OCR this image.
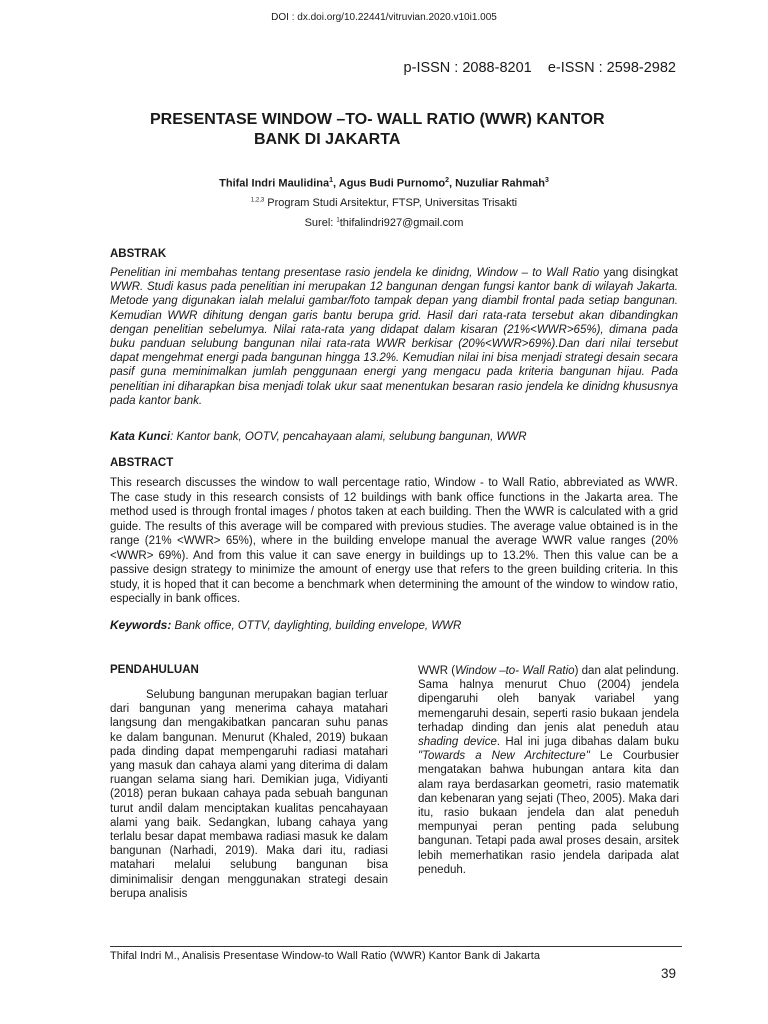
DOI : dx.doi.org/10.22441/vitruvian.2020.v10i1.005
p-ISSN : 2088-8201    e-ISSN : 2598-2982
PRESENTASE WINDOW –TO- WALL RATIO (WWR) KANTOR
BANK DI JAKARTA
Thifal Indri Maulidina$^1$, Agus Budi Purnomo$^2$, Nuzuliar Rahmah$^3$
$^{1,2,3}$ Program Studi Arsitektur, FTSP, Universitas Trisakti
Surel: $^1$thifalindri927@gmail.com
ABSTRAK
Penelitian ini membahas tentang presentase rasio jendela ke dinidng, Window – to Wall Ratio yang disingkat WWR. Studi kasus pada penelitian ini merupakan 12 bangunan dengan fungsi kantor bank di wilayah Jakarta. Metode yang digunakan ialah melalui gambar/foto tampak depan yang diambil frontal pada setiap bangunan. Kemudian WWR dihitung dengan garis bantu berupa grid. Hasil dari rata-rata tersebut akan dibandingkan dengan penelitian sebelumya. Nilai rata-rata yang didapat dalam kisaran (21%<WWR>65%), dimana pada buku panduan selubung bangunan nilai rata-rata WWR berkisar (20%<WWR>69%).Dan dari nilai tersebut dapat mengehmat energi pada bangunan hingga 13.2%. Kemudian nilai ini bisa menjadi strategi desain secara pasif guna meminimalkan jumlah penggunaan energi yang mengacu pada kriteria bangunan hijau. Pada penelitian ini diharapkan bisa menjadi tolak ukur saat menentukan besaran rasio jendela ke dinidng khususnya pada kantor bank.
Kata Kunci: Kantor bank, OOTV, pencahayaan alami, selubung bangunan, WWR
ABSTRACT
This research discusses the window to wall percentage ratio, Window - to Wall Ratio, abbreviated as WWR. The case study in this research consists of 12 buildings with bank office functions in the Jakarta area. The method used is through frontal images / photos taken at each building. Then the WWR is calculated with a grid guide. The results of this average will be compared with previous studies. The average value obtained is in the range (21% <WWR> 65%), where in the building envelope manual the average WWR value ranges (20% <WWR> 69%). And from this value it can save energy in buildings up to 13.2%. Then this value can be a passive design strategy to minimize the amount of energy use that refers to the green building criteria. In this study, it is hoped that it can become a benchmark when determining the amount of the window to window ratio, especially in bank offices.
Keywords: Bank office, OTTV, daylighting, building envelope, WWR
PENDAHULUAN
Selubung bangunan merupakan bagian terluar dari bangunan yang menerima cahaya matahari langsung dan mengakibatkan pancaran suhu panas ke dalam bangunan. Menurut (Khaled, 2019) bukaan pada dinding dapat mempengaruhi radiasi matahari yang masuk dan cahaya alami yang diterima di dalam ruangan selama siang hari. Demikian juga, Vidiyanti (2018) peran bukaan cahaya pada sebuah bangunan turut andil dalam menciptakan kualitas pencahayaan alami yang baik. Sedangkan, lubang cahaya yang terlalu besar dapat membawa radiasi masuk ke dalam bangunan (Narhadi, 2019). Maka dari itu, radiasi matahari melalui selubung bangunan bisa diminimalisir dengan menggunakan strategi desain berupa analisis
WWR (Window –to- Wall Ratio) dan alat pelindung. Sama halnya menurut Chuo (2004) jendela dipengaruhi oleh banyak variabel yang memengaruhi desain, seperti rasio bukaan jendela terhadap dinding dan jenis alat peneduh atau shading device. Hal ini juga dibahas dalam buku "Towards a New Architecture" Le Courbusier mengatakan bahwa hubungan antara kita dan alam raya berdasarkan geometri, rasio matematik dan kebenaran yang sejati (Theo, 2005). Maka dari itu, rasio bukaan jendela dan alat peneduh mempunyai peran penting pada selubung bangunan. Tetapi pada awal proses desain, arsitek lebih memerhatikan rasio jendela daripada alat peneduh.
Thifal Indri M., Analisis Presentase Window-to Wall Ratio (WWR) Kantor Bank di Jakarta
39
